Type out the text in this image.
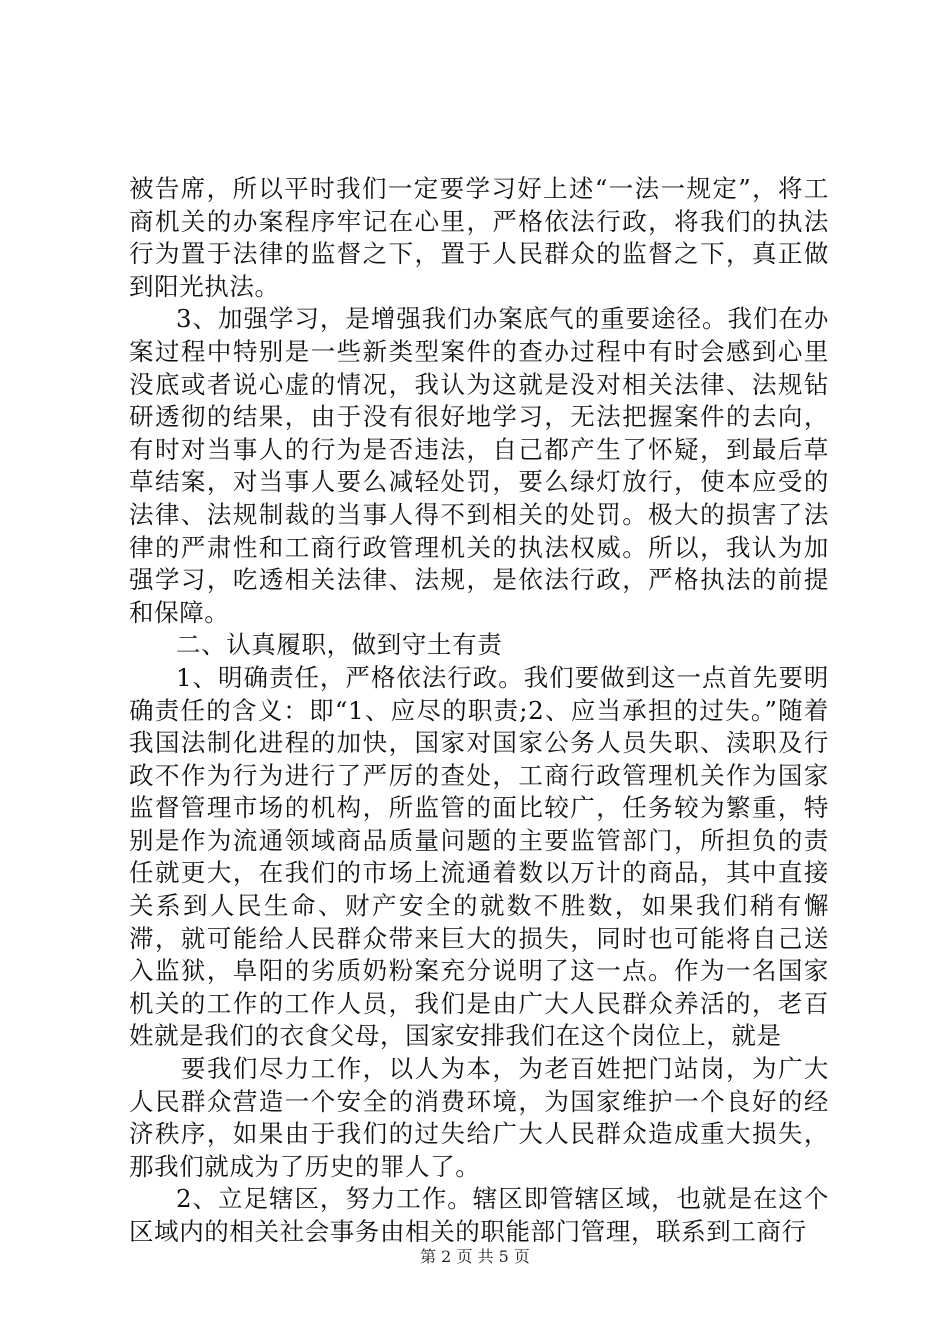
被告席，所以平时我们一定要学习好上述“一法一规定”，将工商机关的办案程序牢记在心里，严格依法行政，将我们的执法行为置于法律的监督之下，置于人民群众的监督之下，真正做到阳光执法。

3、加强学习，是增强我们办案底气的重要途径。我们在办案过程中特别是一些新类型案件的查办过程中有时会感到心里没底或者说心虚的情况，我认为这就是没对相关法律、法规钻研透彻的结果，由于没有很好地学习，无法把握案件的去向，有时对当事人的行为是否违法，自己都产生了怀疑，到最后草草结案，对当事人要么减轻处罚，要么绿灯放行，使本应受的法律、法规制裁的当事人得不到相关的处罚。极大的损害了法律的严肃性和工商行政管理机关的执法权威。所以，我认为加强学习，吃透相关法律、法规，是依法行政，严格执法的前提和保障。

二、认真履职，做到守土有责

1、明确责任，严格依法行政。我们要做到这一点首先要明确责任的含义：即“1、应尽的职责;2、应当承担的过失。”随着我国法制化进程的加快，国家对国家公务人员失职、渎职及行政不作为行为进行了严厉的查处，工商行政管理机关作为国家监督管理市场的机构，所监管的面比较广，任务较为繁重，特别是作为流通领域商品质量问题的主要监管部门，所担负的责任就更大，在我们的市场上流通着数以万计的商品，其中直接关系到人民生命、财产安全的就数不胜数，如果我们稍有懈滞，就可能给人民群众带来巨大的损失，同时也可能将自己送入监狱，阜阳的劣质奶粉案充分说明了这一点。作为一名国家机关的工作的工作人员，我们是由广大人民群众养活的，老百姓就是我们的衣食父母，国家安排我们在这个岗位上，就是

要我们尽力工作，以人为本，为老百姓把门站岗，为广大人民群众营造一个安全的消费环境，为国家维护一个良好的经济秩序，如果由于我们的过失给广大人民群众造成重大损失，那我们就成为了历史的罪人了。

2、立足辖区，努力工作。辖区即管辖区域，也就是在这个区域内的相关社会事务由相关的职能部门管理，联系到工商行

第 2 页 共 5 页
